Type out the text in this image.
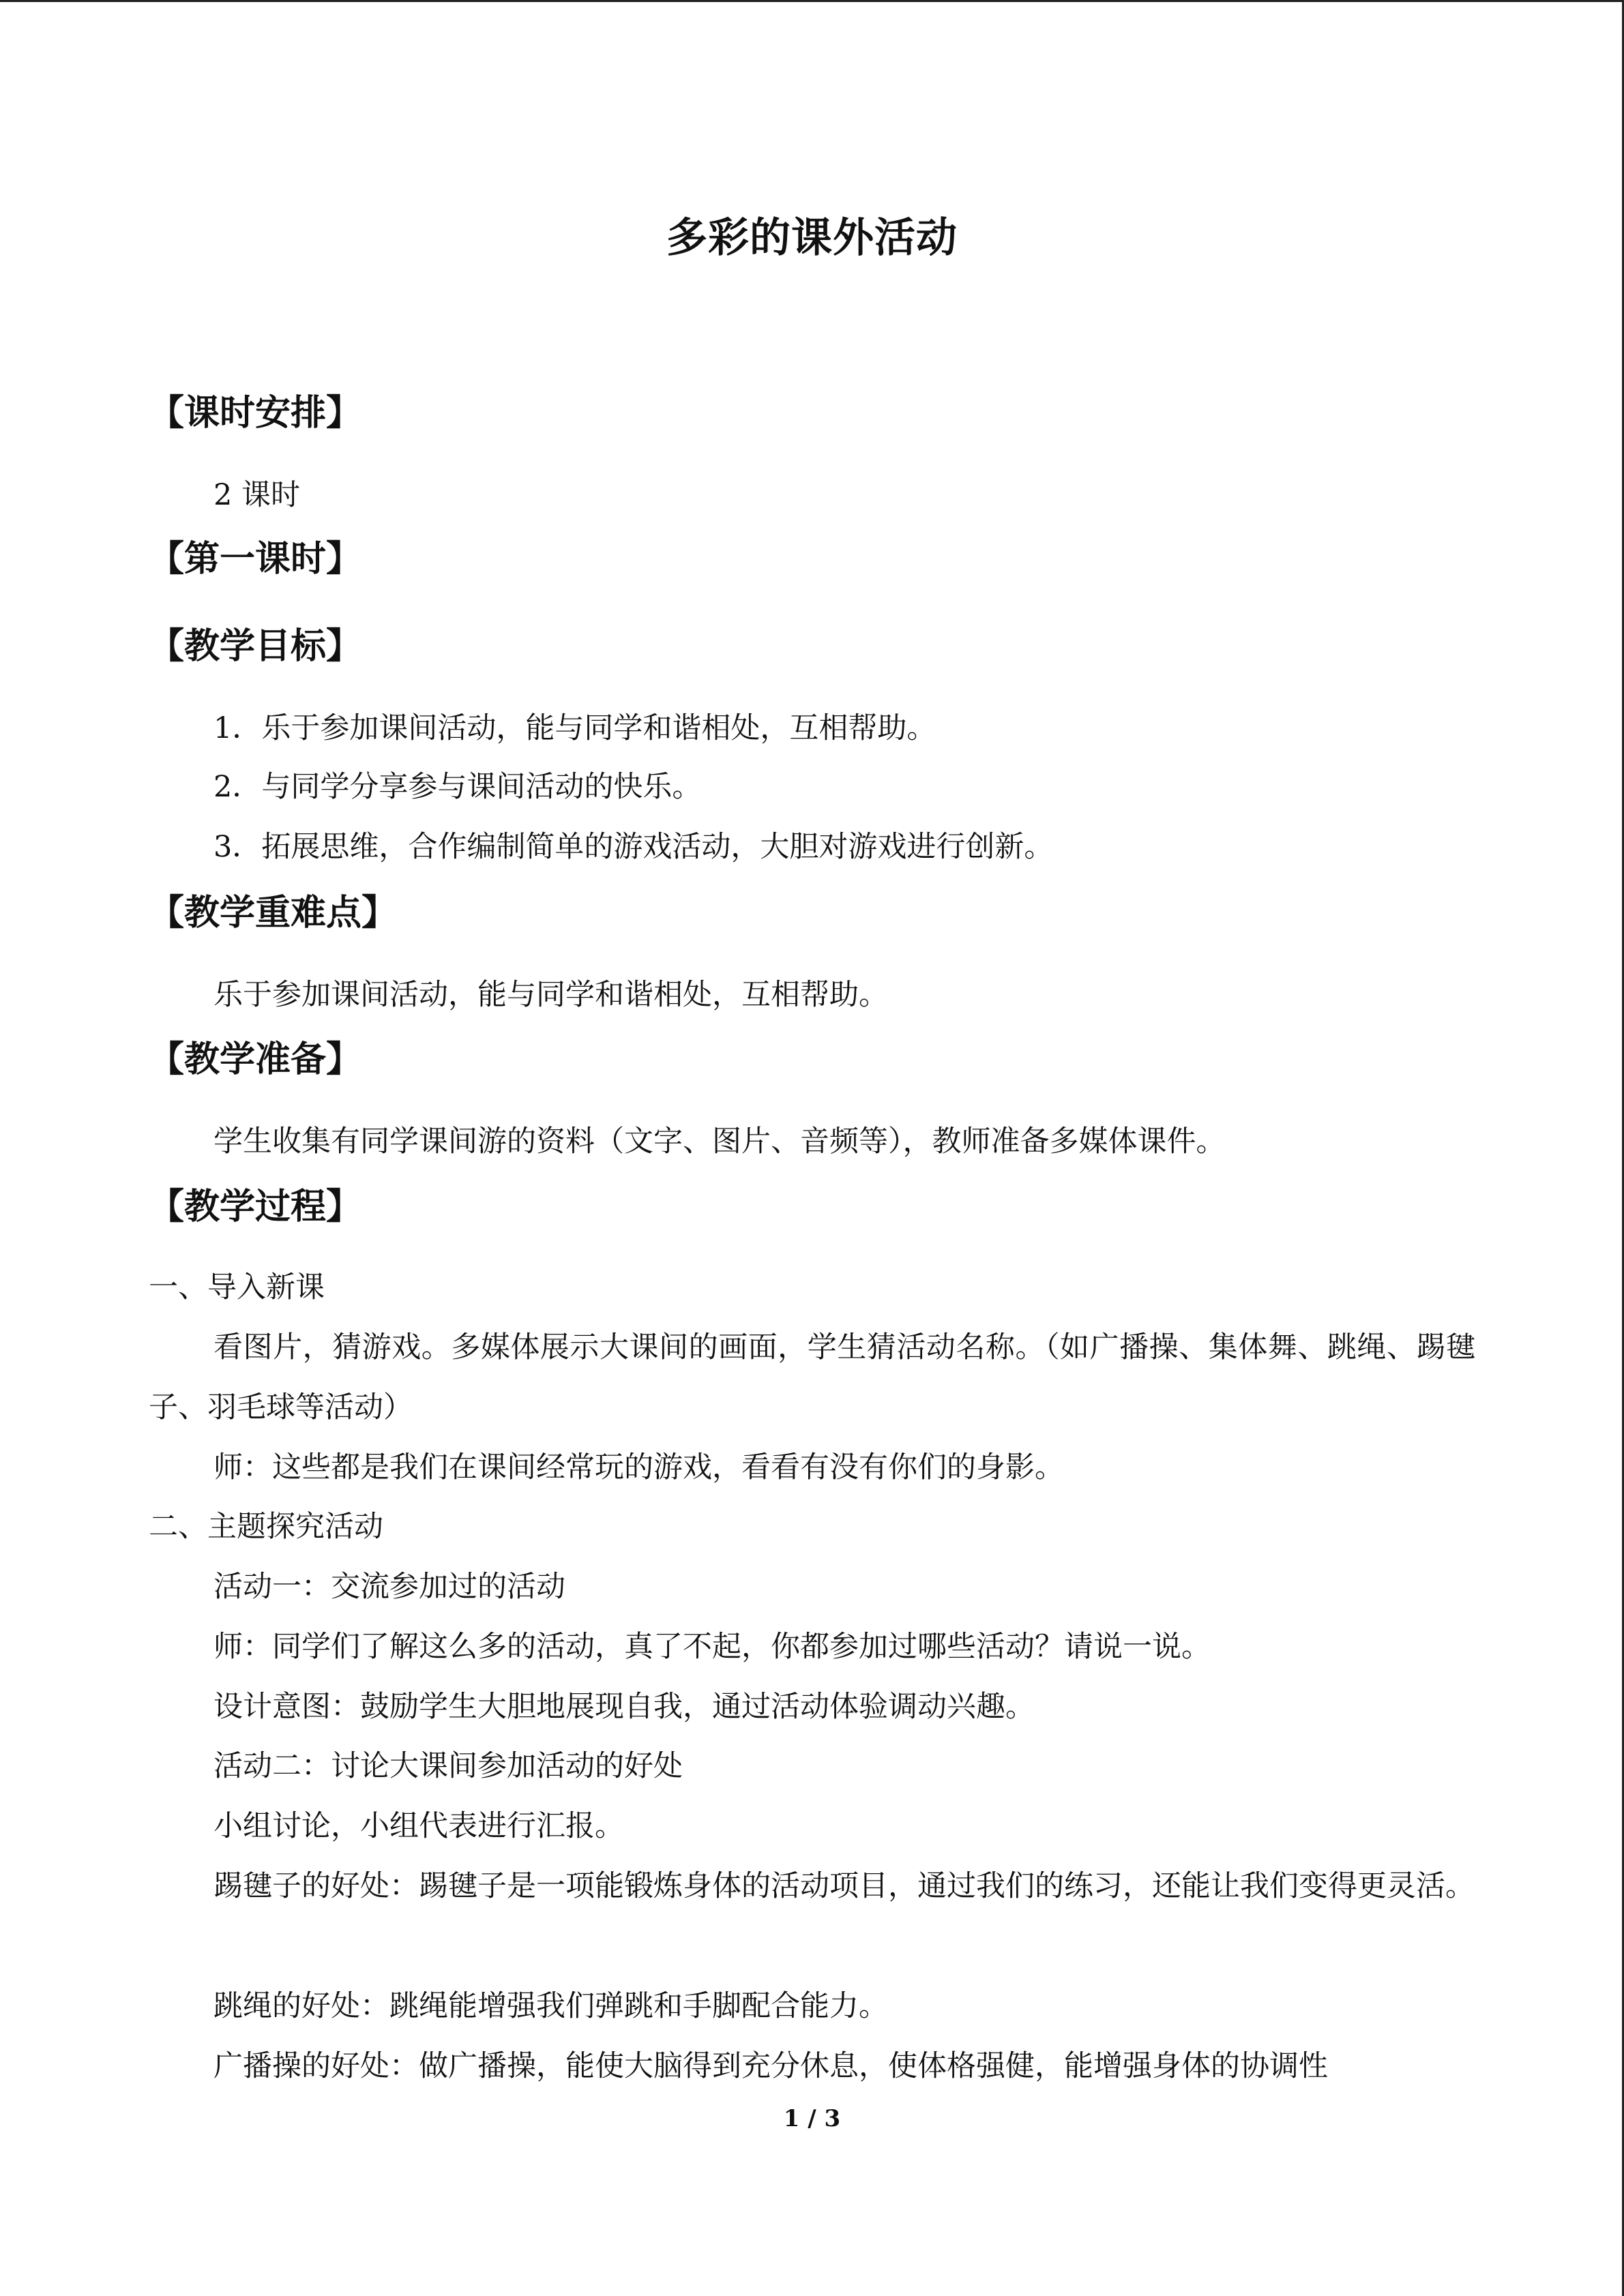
多彩的课外活动
【课时安排】
2 课时
【第一课时】
【教学目标】
1．乐于参加课间活动，能与同学和谐相处，互相帮助。
2．与同学分享参与课间活动的快乐。
3．拓展思维，合作编制简单的游戏活动，大胆对游戏进行创新。
【教学重难点】
乐于参加课间活动，能与同学和谐相处，互相帮助。
【教学准备】
学生收集有同学课间游的资料（文字、图片、音频等），教师准备多媒体课件。
【教学过程】
一、导入新课
看图片，猜游戏。多媒体展示大课间的画面，学生猜活动名称。（如广播操、集体舞、跳绳、踢毽子、羽毛球等活动）
师：这些都是我们在课间经常玩的游戏，看看有没有你们的身影。
二、主题探究活动
活动一：交流参加过的活动
师：同学们了解这么多的活动，真了不起，你都参加过哪些活动？请说一说。
设计意图：鼓励学生大胆地展现自我，通过活动体验调动兴趣。
活动二：讨论大课间参加活动的好处
小组讨论，小组代表进行汇报。
踢毽子的好处：踢毽子是一项能锻炼身体的活动项目，通过我们的练习，还能让我们变得更灵活。
跳绳的好处：跳绳能增强我们弹跳和手脚配合能力。
广播操的好处：做广播操，能使大脑得到充分休息，使体格强健，能增强身体的协调性
1 / 3
